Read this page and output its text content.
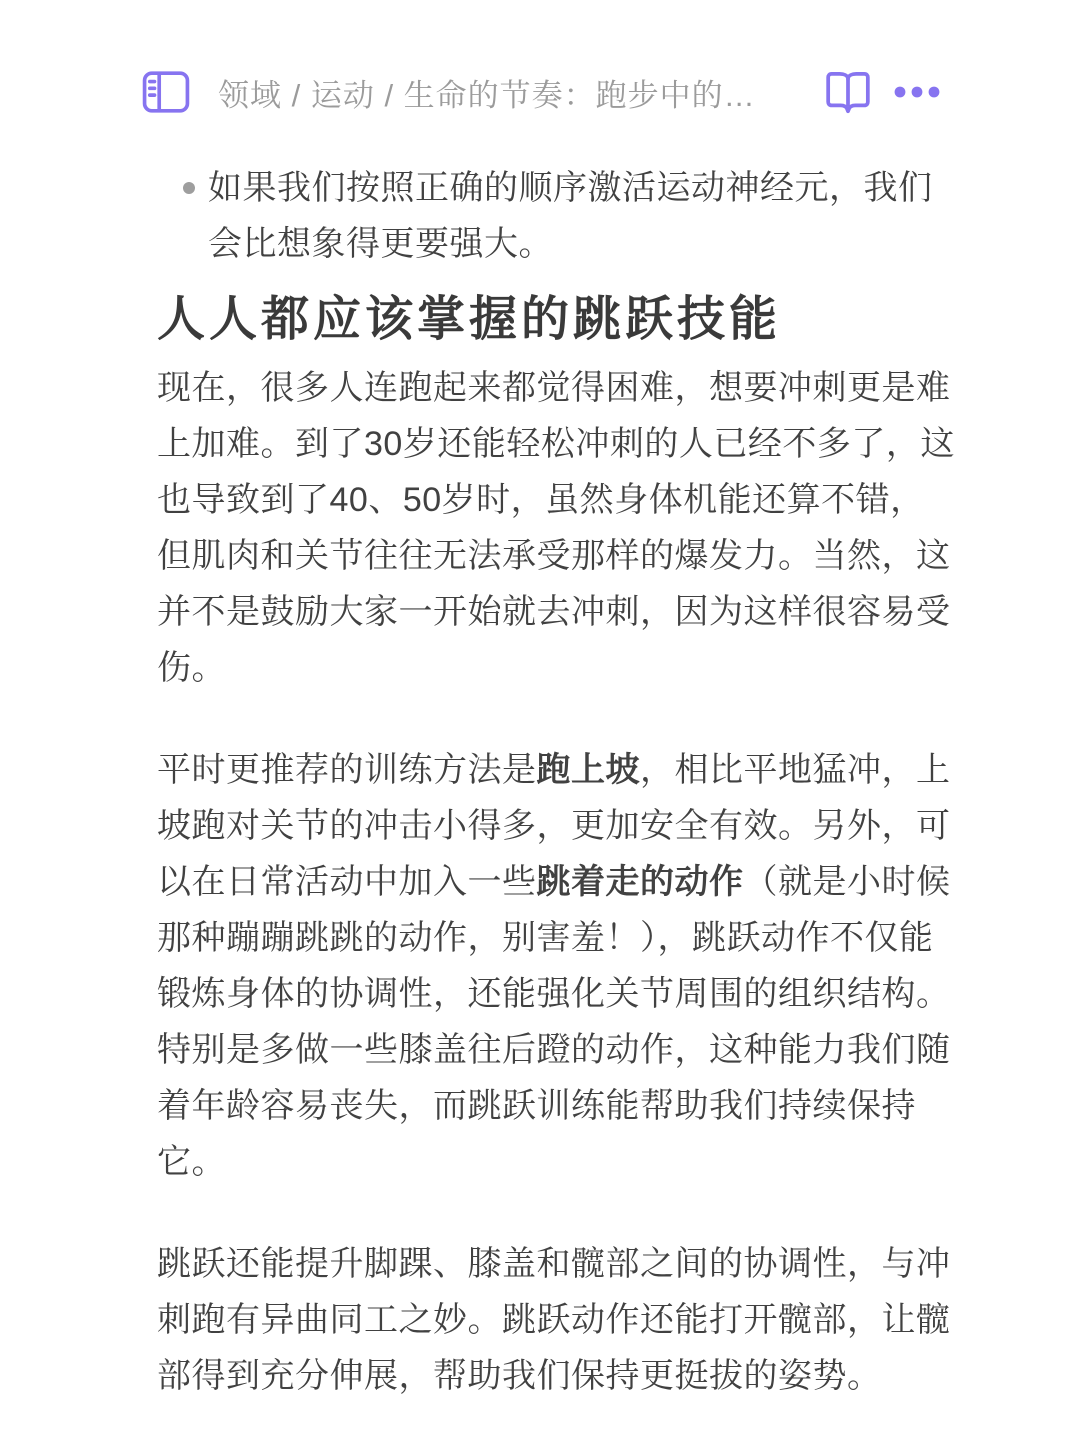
领域 / 运动 / 生命的节奏：跑步中的…
如果我们按照正确的顺序激活运动神经元，我们会比想象得更要强大。
人人都应该掌握的跳跃技能

现在，很多人连跑起来都觉得困难，想要冲刺更是难上加难。到了30岁还能轻松冲刺的人已经不多了，这也导致到了40、50岁时，虽然身体机能还算不错，但肌肉和关节往往无法承受那样的爆发力。当然，这并不是鼓励大家一开始就去冲刺，因为这样很容易受伤。

平时更推荐的训练方法是跑上坡，相比平地猛冲，上坡跑对关节的冲击小得多，更加安全有效。另外，可以在日常活动中加入一些跳着走的动作（就是小时候那种蹦蹦跳跳的动作，别害羞！），跳跃动作不仅能锻炼身体的协调性，还能强化关节周围的组织结构。特别是多做一些膝盖往后蹬的动作，这种能力我们随着年龄容易丧失，而跳跃训练能帮助我们持续保持它。

跳跃还能提升脚踝、膝盖和髋部之间的协调性，与冲刺跑有异曲同工之妙。跳跃动作还能打开髋部，让髋部得到充分伸展，帮助我们保持更挺拔的姿势。
